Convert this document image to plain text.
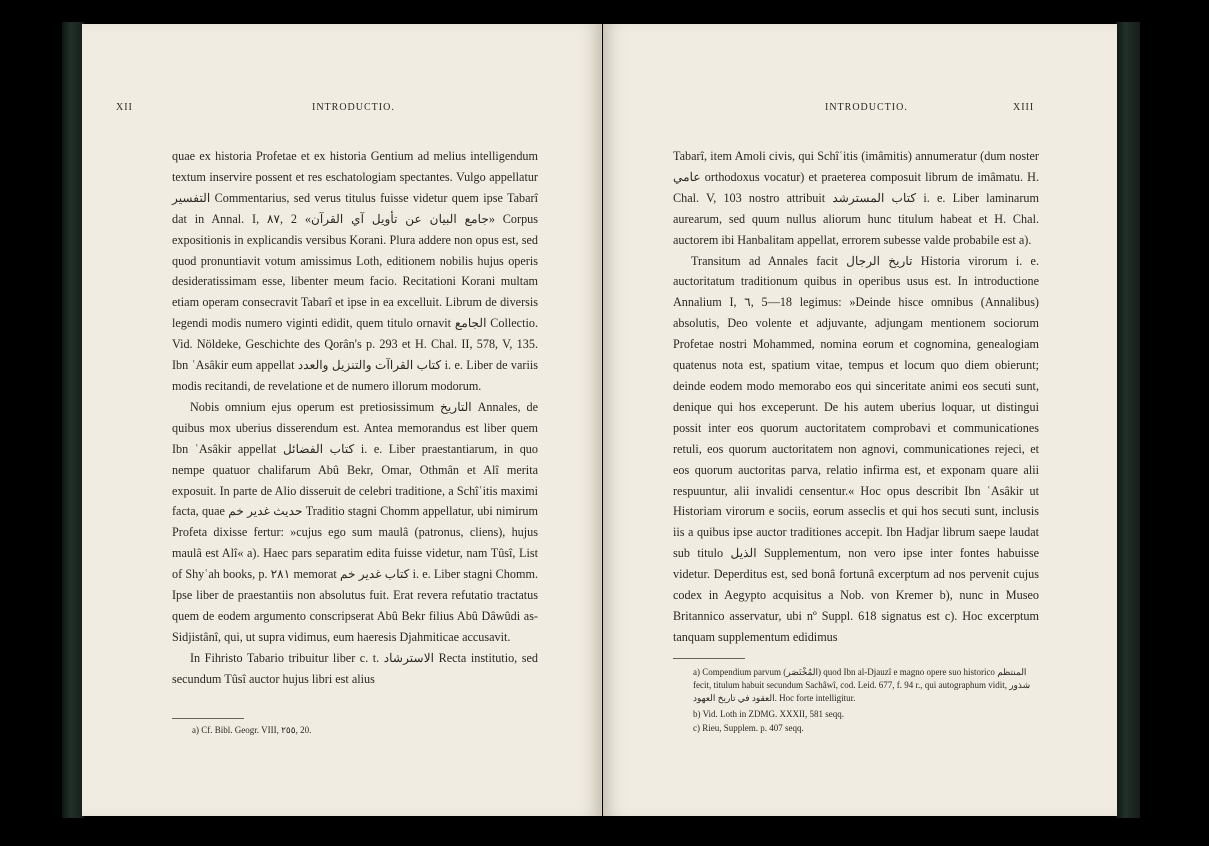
XII	INTRODUCTIO.

quae ex historia Profetae et ex historia Gentium ad melius intelligendum textum inservire possent et res eschatologiam spectantes. Vulgo appellatur التفسير Commentarius, sed verus titulus fuisse videtur quem ipse Tabarî dat in Annal. I, ٨٧, 2 «جامع البيان عن تأويل آي القرآن» Corpus expositionis in explicandis versibus Korani. Plura addere non opus est, sed quod pronuntiavit votum amissimus Loth, editionem nobilis hujus operis desideratissimam esse, libenter meum facio. Recitationi Korani multam etiam operam consecravit Tabarî et ipse in ea excelluit. Librum de diversis legendi modis numero viginti edidit, quem titulo ornavit الجامع Collectio. Vid. Nöldeke, Geschichte des Qorân's p. 293 et H. Chal. II, 578, V, 135. Ibn ʿAsâkir eum appellat كتاب القراآت والتنزيل والعدد i. e. Liber de variis modis recitandi, de revelatione et de numero illorum modorum.

Nobis omnium ejus operum est pretiosissimum التاريخ Annales, de quibus mox uberius disserendum est. Antea memorandus est liber quem Ibn ʿAsâkir appellat كتاب الفضائل i. e. Liber praestantiarum, in quo nempe quatuor chalifarum Abû Bekr, Omar, Othmân et Alî merita exposuit. In parte de Alio disseruit de celebri traditione, a Schîʿitis maximi facta, quae حديث غدير خم Traditio stagni Chomm appellatur, ubi nimirum Profeta dixisse fertur: »cujus ego sum maulâ (patronus, cliens), hujus maulâ est Alî« a). Haec pars separatim edita fuisse videtur, nam Tûsî, List of Shyʿah books, p. ٢٨١ memorat كتاب غدير خم i. e. Liber stagni Chomm. Ipse liber de praestantiis non absolutus fuit. Erat revera refutatio tractatus quem de eodem argumento conscripserat Abû Bekr filius Abû Dâwûdi as-Sidjistânî, qui, ut supra vidimus, eum haeresis Djahmiticae accusavit.

In Fihristo Tabario tribuitur liber c. t. الاسترشاد Recta institutio, sed secundum Tûsî auctor hujus libri est alius

a) Cf. Bibl. Geogr. VIII, ٢٥٥, 20.
INTRODUCTIO.	XIII

Tabarî, item Amoli civis, qui Schîʿitis (imâmitis) annumeratur (dum noster عامي orthodoxus vocatur) et praeterea composuit librum de imâmatu. H. Chal. V, 103 nostro attribuit كتاب المسترشد i. e. Liber laminarum aurearum, sed quum nullus aliorum hunc titulum habeat et H. Chal. auctorem ibi Hanbalitam appellat, errorem subesse valde probabile est a).

Transitum ad Annales facit تاريخ الرجال Historia virorum i. e. auctoritatum traditionum quibus in operibus usus est. In introductione Annalium I, ٦, 5—18 legimus: »Deinde hisce omnibus (Annalibus) absolutis, Deo volente et adjuvante, adjungam mentionem sociorum Profetae nostri Mohammed, nomina eorum et cognomina, genealogiam quatenus nota est, spatium vitae, tempus et locum quo diem obierunt; deinde eodem modo memorabo eos qui sinceritate animi eos secuti sunt, denique qui hos exceperunt. De his autem uberius loquar, ut distingui possit inter eos quorum auctoritatem comprobavi et communicationes retuli, eos quorum auctoritatem non agnovi, communicationes rejeci, et eos quorum auctoritas parva, relatio infirma est, et exponam quare alii respuuntur, alii invalidi censentur.« Hoc opus describit Ibn ʿAsâkir ut Historiam virorum e sociis, eorum asseclis et qui hos secuti sunt, inclusis iis a quibus ipse auctor traditiones accepit. Ibn Hadjar librum saepe laudat sub titulo الذيل Supplementum, non vero ipse inter fontes habuisse videtur. Deperditus est, sed bonâ fortunâ excerptum ad nos pervenit cujus codex in Aegypto acquisitus a Nob. von Kremer b), nunc in Museo Britannico asservatur, ubi nº Suppl. 618 signatus est c). Hoc excerptum tanquam supplementum edidimus

a) Compendium parvum (المُخْتَصَر) quod Ibn al-Djauzî e magno opere suo historico المنتظم fecit, titulum habuit secundum Sachâwî, cod. Leid. 677, f. 94 r., qui autographum vidit, شذور العقود في تاريخ العهود. Hoc forte intelligitur.
b) Vid. Loth in ZDMG. XXXII, 581 seqq.
c) Rieu, Supplem. p. 407 seqq.
